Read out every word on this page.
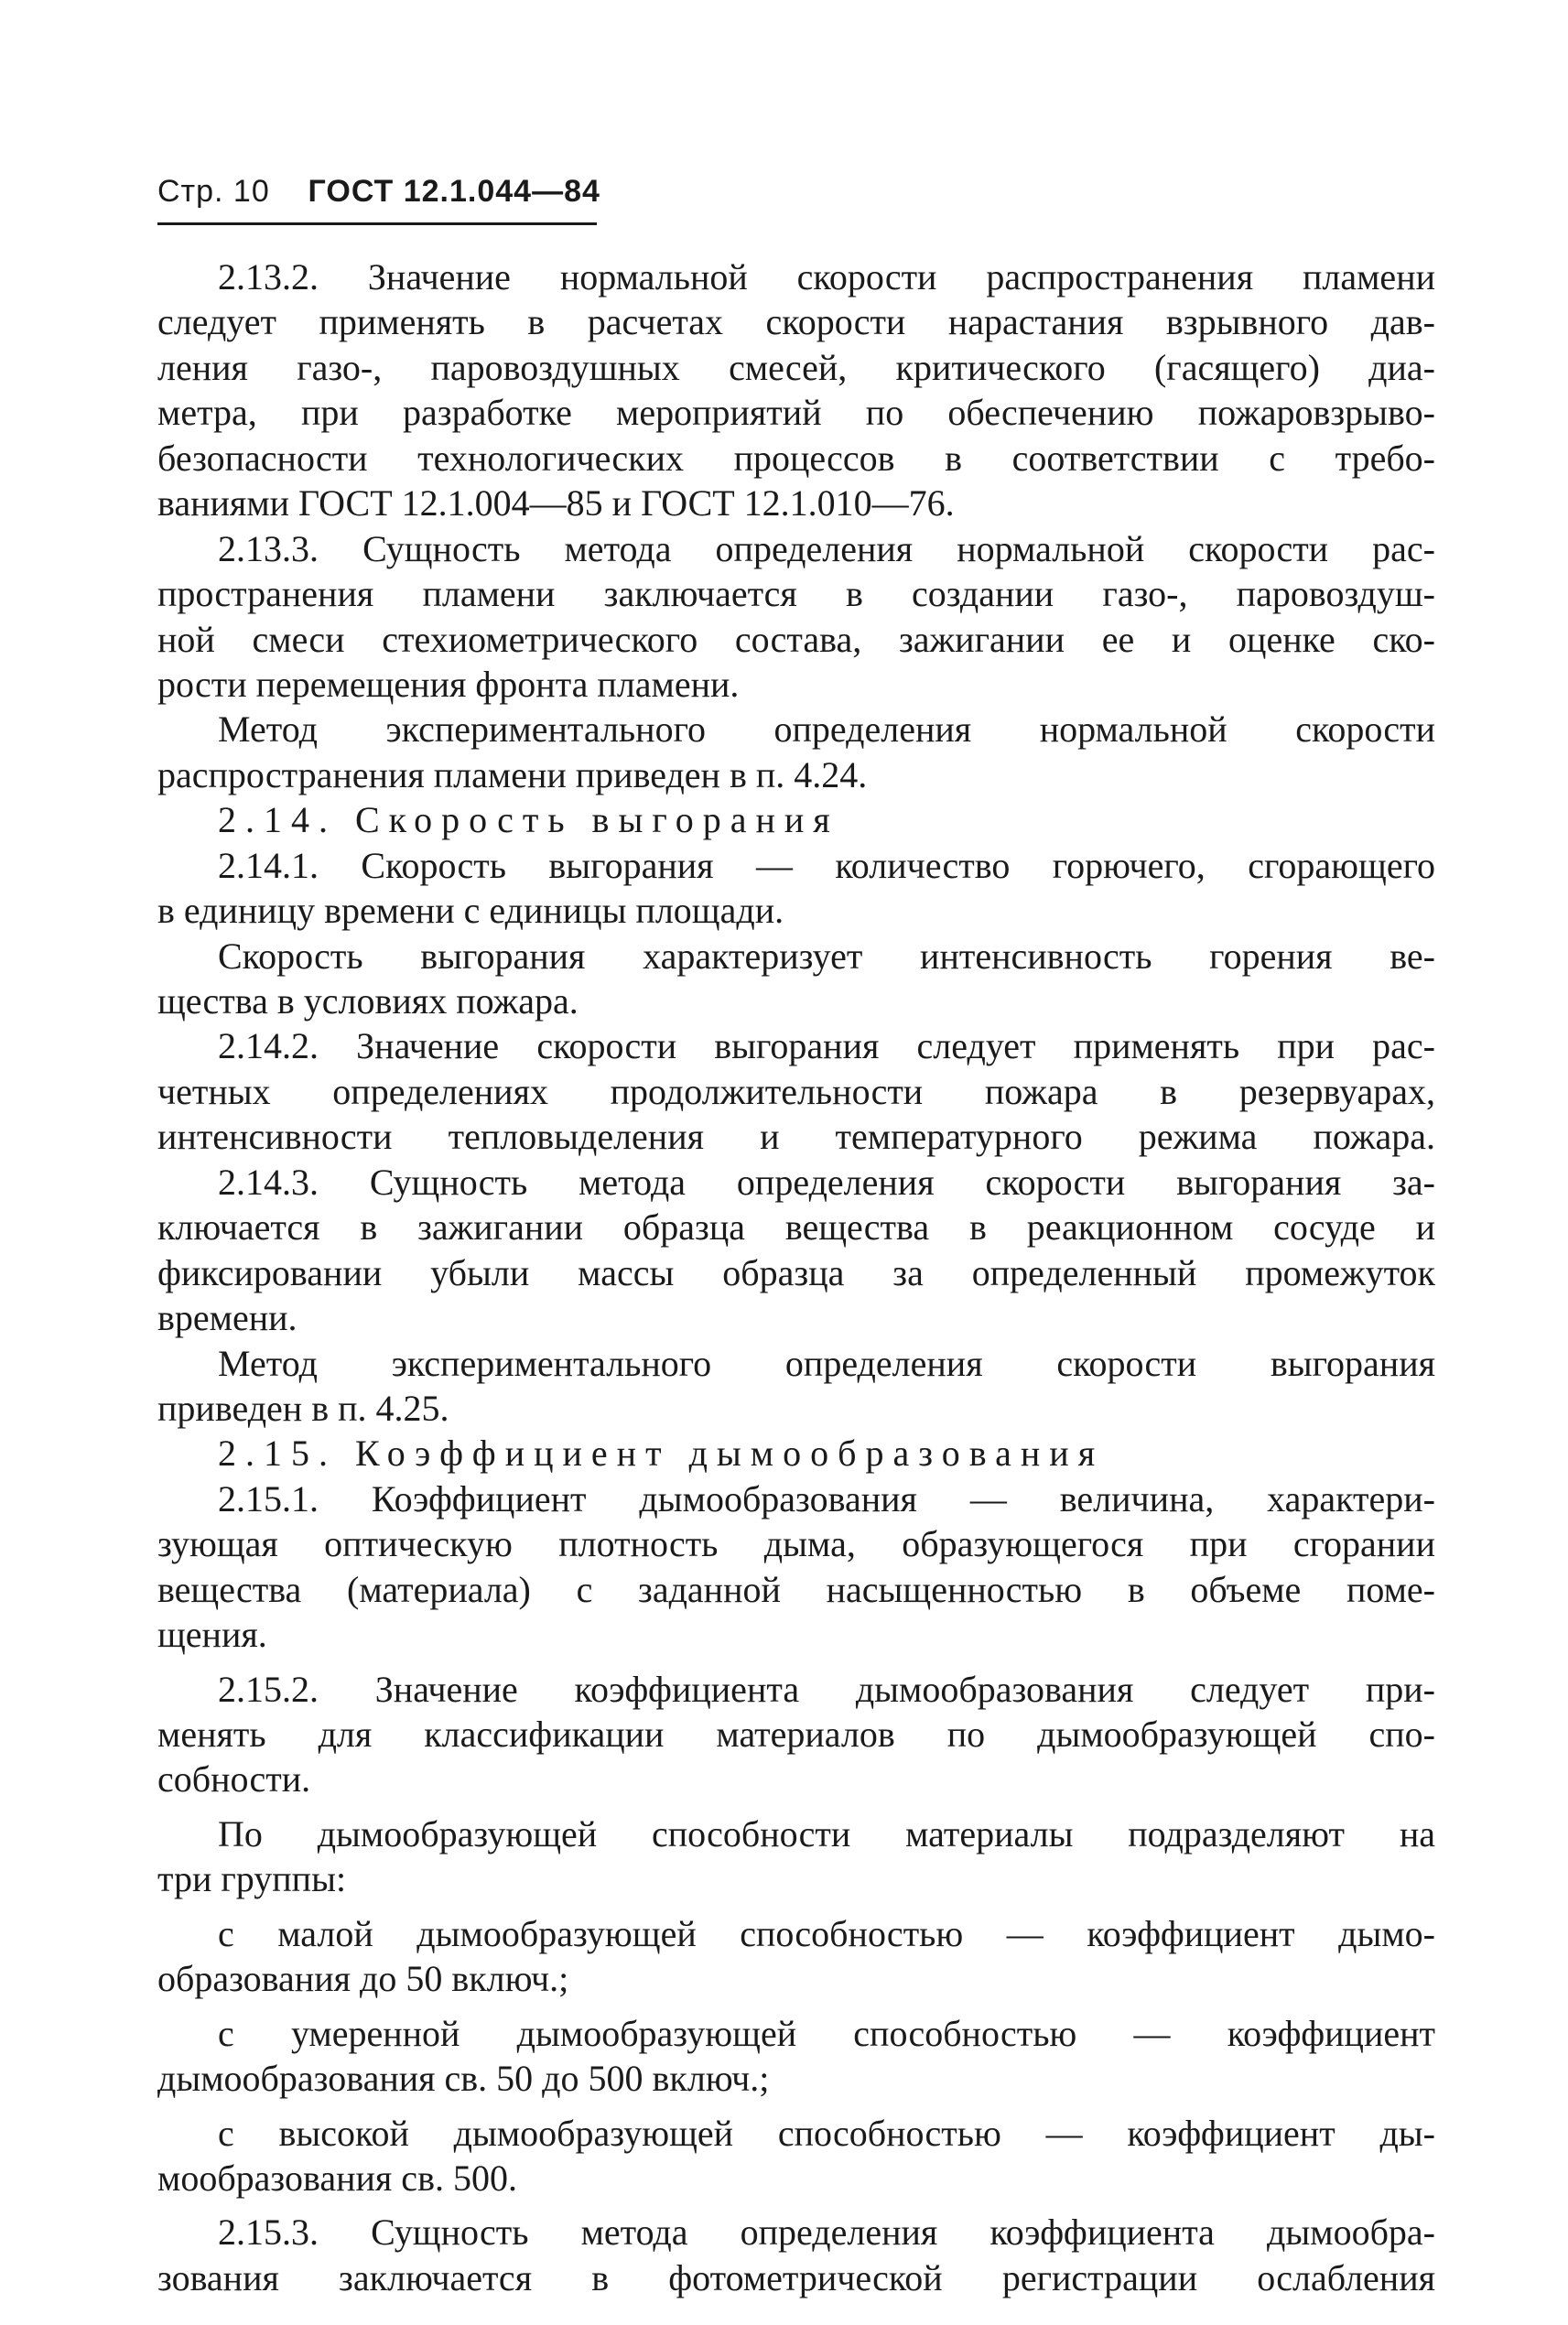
Стр. 10 ГОСТ 12.1.044—84
2.13.2. Значение нормальной скорости распространения пламени
следует применять в расчетах скорости нарастания взрывного дав-
ления газо-, паровоздушных смесей, критического (гасящего) диа-
метра, при разработке мероприятий по обеспечению пожаровзрыво-
безопасности технологических процессов в соответствии с требо-
ваниями ГОСТ 12.1.004—85 и ГОСТ 12.1.010—76.
2.13.3. Сущность метода определения нормальной скорости рас-
пространения пламени заключается в создании газо-, паровоздуш-
ной смеси стехиометрического состава, зажигании ее и оценке ско-
рости перемещения фронта пламени.
Метод экспериментального определения нормальной скорости
распространения пламени приведен в п. 4.24.
2.14. Скорость выгорания
2.14.1. Скорость выгорания — количество горючего, сгорающего
в единицу времени с единицы площади.
Скорость выгорания характеризует интенсивность горения ве-
щества в условиях пожара.
2.14.2. Значение скорости выгорания следует применять при рас-
четных определениях продолжительности пожара в резервуарах,
интенсивности тепловыделения и температурного режима пожара.
2.14.3. Сущность метода определения скорости выгорания за-
ключается в зажигании образца вещества в реакционном сосуде и
фиксировании убыли массы образца за определенный промежуток
времени.
Метод экспериментального определения скорости выгорания
приведен в п. 4.25.
2.15. Коэффициент дымообразования
2.15.1. Коэффициент дымообразования — величина, характери-
зующая оптическую плотность дыма, образующегося при сгорании
вещества (материала) с заданной насыщенностью в объеме поме-
щения.
2.15.2. Значение коэффициента дымообразования следует при-
менять для классификации материалов по дымообразующей спо-
собности.
По дымообразующей способности материалы подразделяют на
три группы:
с малой дымообразующей способностью — коэффициент дымо-
образования до 50 включ.;
с умеренной дымообразующей способностью — коэффициент
дымообразования св. 50 до 500 включ.;
с высокой дымообразующей способностью — коэффициент ды-
мообразования св. 500.
2.15.3. Сущность метода определения коэффициента дымообра-
зования заключается в фотометрической регистрации ослабления
